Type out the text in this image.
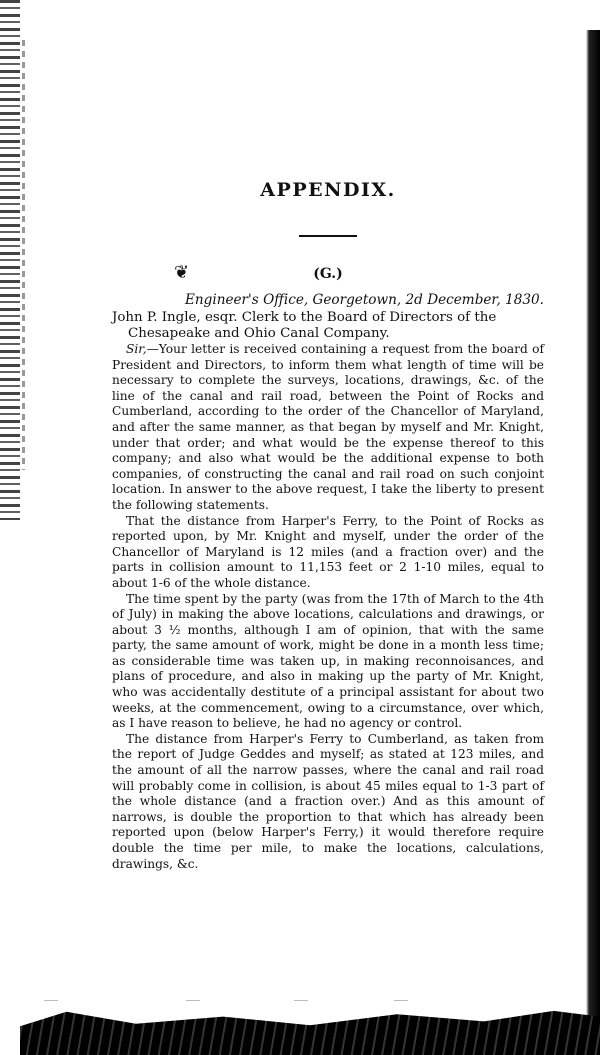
APPENDIX.
❦	(G.)
Engineer's Office, Georgetown, 2d December, 1830.

John P. Ingle, esqr. Clerk to the Board of Directors of the Chesapeake and Ohio Canal Company.

Sir,—Your letter is received containing a request from the board of President and Directors, to inform them what length of time will be necessary to complete the surveys, locations, drawings, &c. of the line of the canal and rail road, between the Point of Rocks and Cumberland, according to the order of the Chancellor of Maryland, and after the same manner, as that began by myself and Mr. Knight, under that order; and what would be the expense thereof to this company; and also what would be the additional expense to both companies, of constructing the canal and rail road on such conjoint location. In answer to the above request, I take the liberty to present the following statements.

That the distance from Harper's Ferry, to the Point of Rocks as reported upon, by Mr. Knight and myself, under the order of the Chancellor of Maryland is 12 miles (and a fraction over) and the parts in collision amount to 11,153 feet or 2 1-10 miles, equal to about 1-6 of the whole distance.

The time spent by the party (was from the 17th of March to the 4th of July) in making the above locations, calculations and drawings, or about 3 ½ months, although I am of opinion, that with the same party, the same amount of work, might be done in a month less time; as considerable time was taken up, in making reconnoisances, and plans of procedure, and also in making up the party of Mr. Knight, who was accidentally destitute of a principal assistant for about two weeks, at the commencement, owing to a circumstance, over which, as I have reason to believe, he had no agency or control.

The distance from Harper's Ferry to Cumberland, as taken from the report of Judge Geddes and myself; as stated at 123 miles, and the amount of all the narrow passes, where the canal and rail road will probably come in collision, is about 45 miles equal to 1-3 part of the whole distance (and a fraction over.) And as this amount of narrows, is double the proportion to that which has already been reported upon (below Harper's Ferry,) it would therefore require double the time per mile, to make the locations, calculations, drawings, &c.
